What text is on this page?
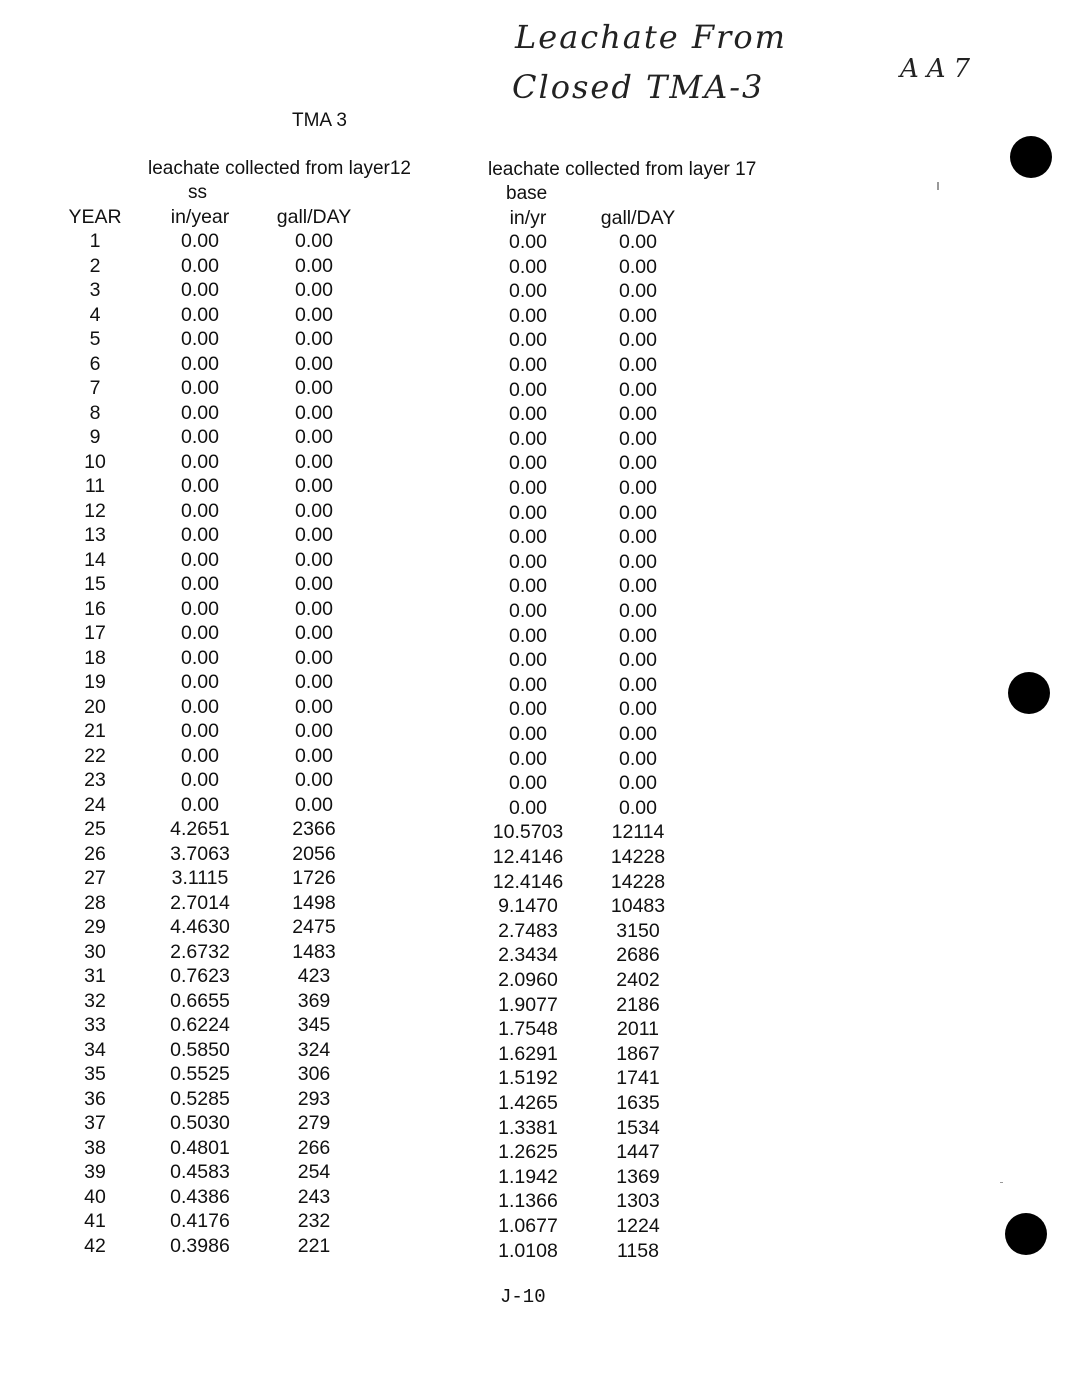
Leachate From
Closed TMA-3	AA7
TMA 3
leachate collected from layer12
ss
leachate collected from layer 17
base
YEAR	in/year	gall/DAY	in/yr	gall/DAY
1	0.00	0.00	0.00	0.00
2	0.00	0.00	0.00	0.00
3	0.00	0.00	0.00	0.00
4	0.00	0.00	0.00	0.00
5	0.00	0.00	0.00	0.00
6	0.00	0.00	0.00	0.00
7	0.00	0.00	0.00	0.00
8	0.00	0.00	0.00	0.00
9	0.00	0.00	0.00	0.00
10	0.00	0.00	0.00	0.00
11	0.00	0.00	0.00	0.00
12	0.00	0.00	0.00	0.00
13	0.00	0.00	0.00	0.00
14	0.00	0.00	0.00	0.00
15	0.00	0.00	0.00	0.00
16	0.00	0.00	0.00	0.00
17	0.00	0.00	0.00	0.00
18	0.00	0.00	0.00	0.00
19	0.00	0.00	0.00	0.00
20	0.00	0.00	0.00	0.00
21	0.00	0.00	0.00	0.00
22	0.00	0.00	0.00	0.00
23	0.00	0.00	0.00	0.00
24	0.00	0.00	0.00	0.00
25	4.2651	2366	10.5703	12114
26	3.7063	2056	12.4146	14228
27	3.1115	1726	12.4146	14228
28	2.7014	1498	9.1470	10483
29	4.4630	2475	2.7483	3150
30	2.6732	1483	2.3434	2686
31	0.7623	423	2.0960	2402
32	0.6655	369	1.9077	2186
33	0.6224	345	1.7548	2011
34	0.5850	324	1.6291	1867
35	0.5525	306	1.5192	1741
36	0.5285	293	1.4265	1635
37	0.5030	279	1.3381	1534
38	0.4801	266	1.2625	1447
39	0.4583	254	1.1942	1369
40	0.4386	243	1.1366	1303
41	0.4176	232	1.0677	1224
42	0.3986	221	1.0108	1158
J-10
